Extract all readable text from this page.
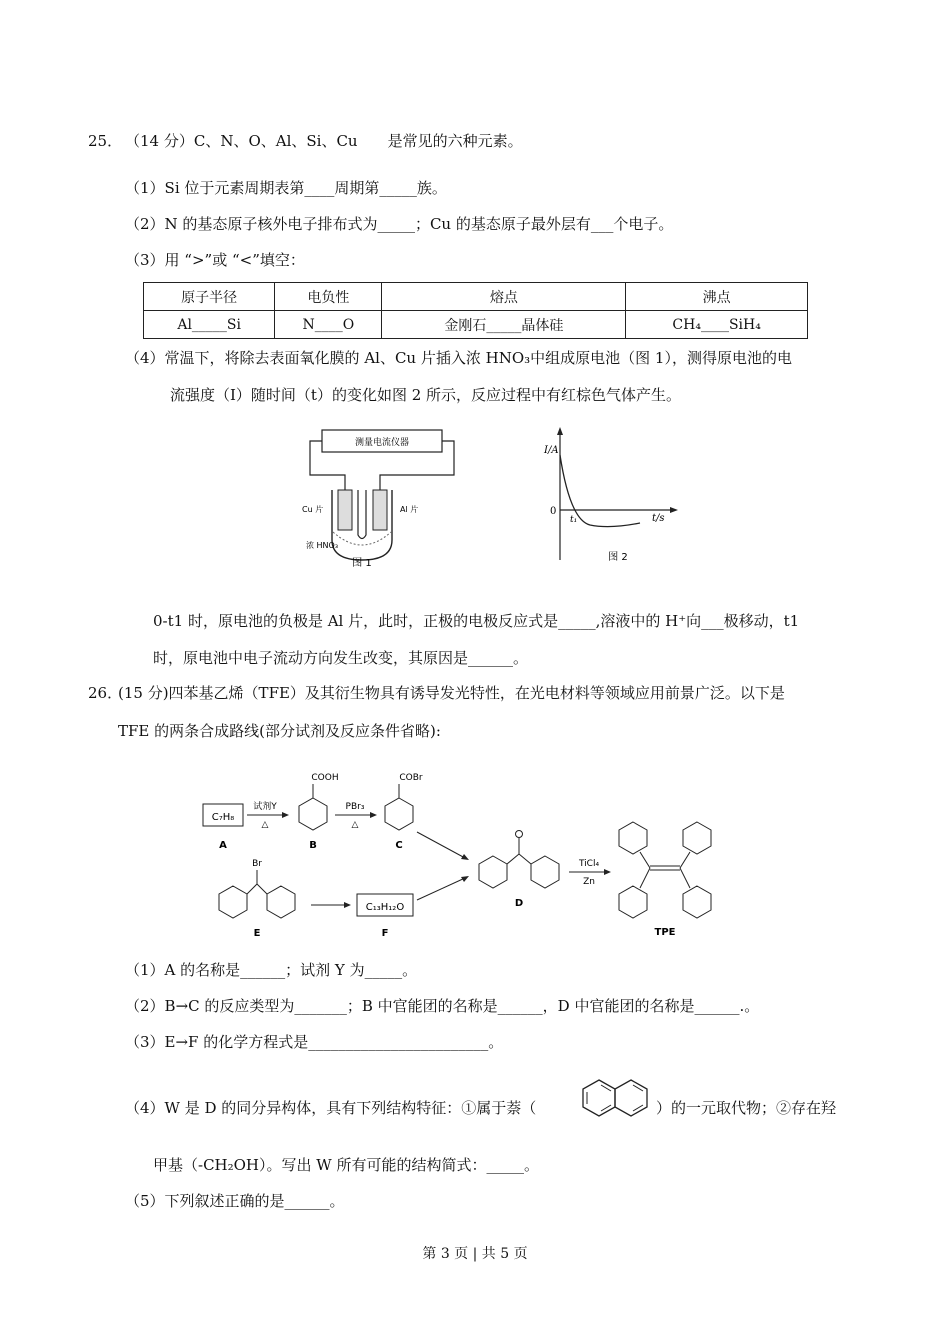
25． （14 分）C、N、O、Al、Si、Cu　　是常见的六种元素。
（1）Si 位于元素周期表第____周期第_____族。
（2）N 的基态原子核外电子排布式为_____；Cu 的基态原子最外层有___个电子。
（3）用 “>”或 “<”填空：
原子半径	电负性	熔点	沸点
Al_____Si	N____O	金刚石_____晶体硅	CH₄____SiH₄
（4）常温下，将除去表面氧化膜的 Al、Cu 片插入浓 HNO₃中组成原电池（图 1），测得原电池的电
流强度（I）随时间（t）的变化如图 2 所示，反应过程中有红棕色气体产生。
测量电流仪器
Cu 片	Al 片
浓 HNO₃
图 1
I/A
t/s
0
t₁
图 2
0-t1 时，原电池的负极是 Al 片，此时，正极的电极反应式是_____,溶液中的 H⁺向___极移动，t1
时，原电池中电子流动方向发生改变，其原因是______。
26．
(15 分)四苯基乙烯（TFE）及其衍生物具有诱导发光特性，在光电材料等领域应用前景广泛。以下是
TFE 的两条合成路线(部分试剂及反应条件省略):
C₇H₈
A
试剂Y
△
COOH
B
PBr₃
△
COBr
C
D
TiCl₄
Zn
TPE
Br
E
C₁₃H₁₂O
F
（1）A 的名称是______；试剂 Y 为_____。
（2）B→C 的反应类型为_______；B 中官能团的名称是______，D 中官能团的名称是______.。
（3）E→F 的化学方程式是________________________。
（4）W 是 D 的同分异构体，具有下列结构特征：①属于萘（	）的一元取代物；②存在羟
甲基（-CH₂OH）。写出 W 所有可能的结构简式：_____。
（5）下列叙述正确的是______。
第 3 页 | 共 5 页
